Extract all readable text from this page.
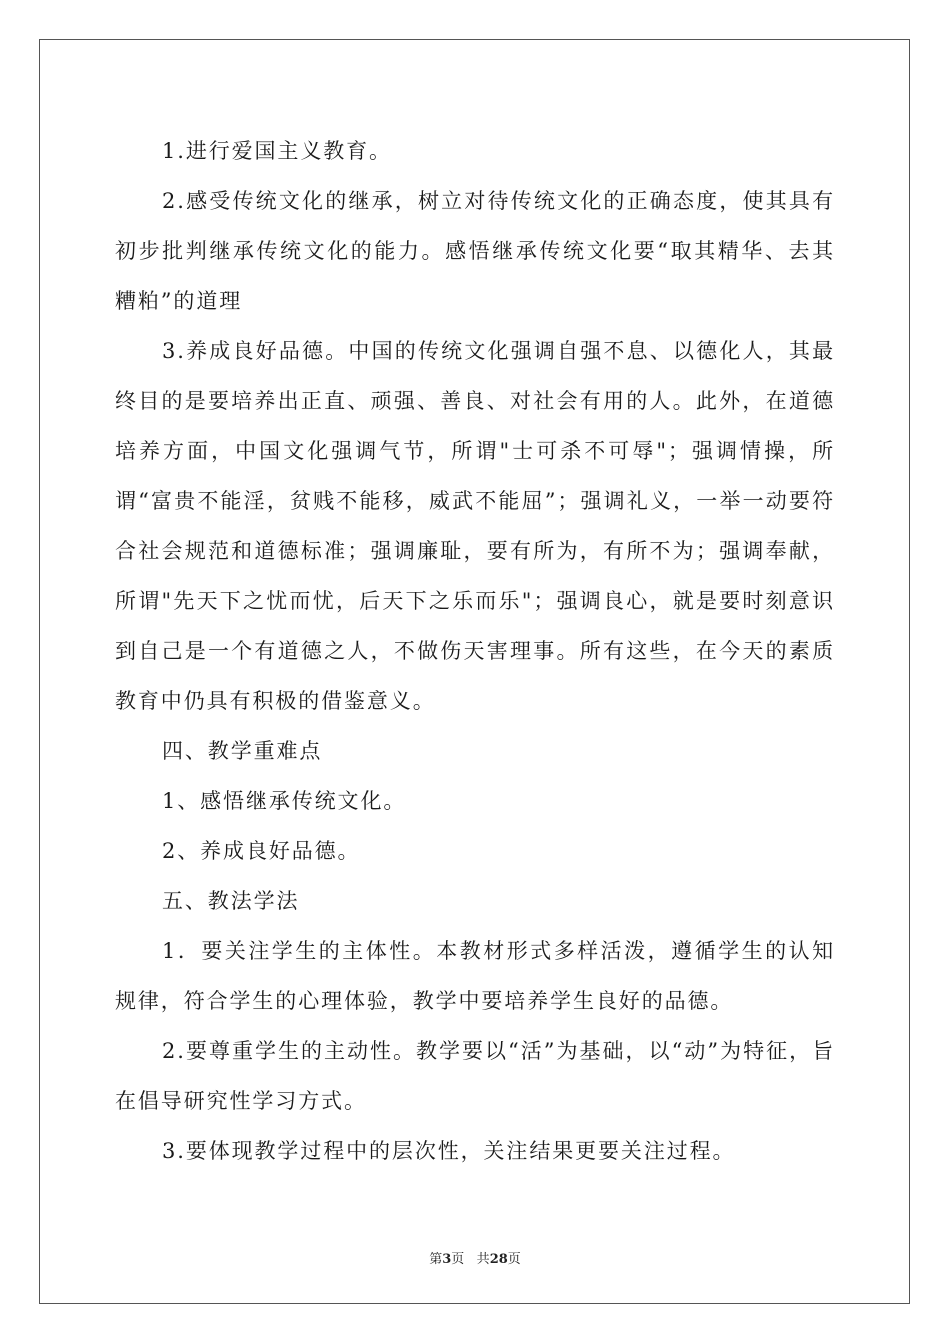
1.进行爱国主义教育。

2.感受传统文化的继承，树立对待传统文化的正确态度，使其具有初步批判继承传统文化的能力。感悟继承传统文化要“取其精华、去其糟粕”的道理

3.养成良好品德。中国的传统文化强调自强不息、以德化人，其最终目的是要培养出正直、顽强、善良、对社会有用的人。此外，在道德培养方面，中国文化强调气节，所谓"士可杀不可辱"；强调情操，所谓“富贵不能淫，贫贱不能移，威武不能屈”；强调礼义，一举一动要符合社会规范和道德标准；强调廉耻，要有所为，有所不为；强调奉献，所谓"先天下之忧而忧，后天下之乐而乐"；强调良心，就是要时刻意识到自己是一个有道德之人，不做伤天害理事。所有这些，在今天的素质教育中仍具有积极的借鉴意义。

四、教学重难点

1、感悟继承传统文化。

2、养成良好品德。

五、教法学法

1．要关注学生的主体性。本教材形式多样活泼，遵循学生的认知规律，符合学生的心理体验，教学中要培养学生良好的品德。

2.要尊重学生的主动性。教学要以“活”为基础，以“动”为特征，旨在倡导研究性学习方式。

3.要体现教学过程中的层次性，关注结果更要关注过程。

第3页 共28页
